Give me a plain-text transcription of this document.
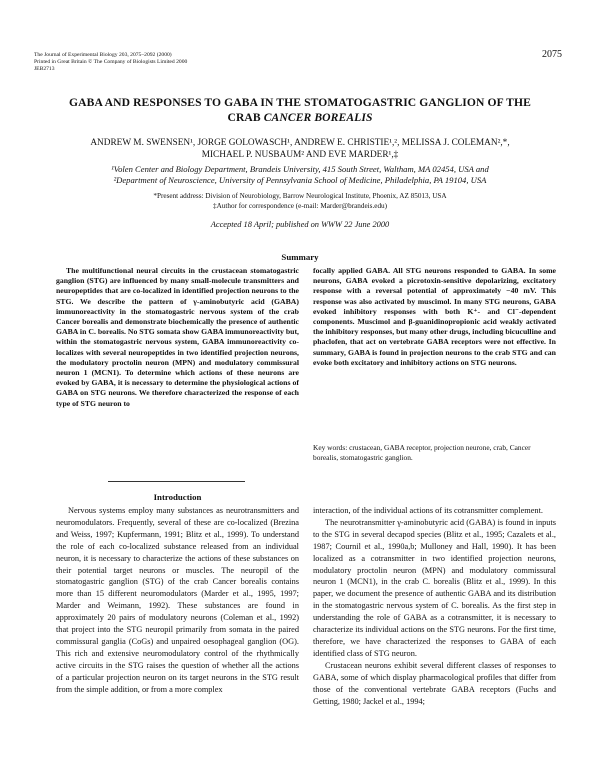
The Journal of Experimental Biology 203, 2075–2092 (2000)
Printed in Great Britain © The Company of Biologists Limited 2000
JEB2713
2075
GABA AND RESPONSES TO GABA IN THE STOMATOGASTRIC GANGLION OF THE
CRAB CANCER BOREALIS
ANDREW M. SWENSEN¹, JORGE GOLOWASCH¹, ANDREW E. CHRISTIE¹,², MELISSA J. COLEMAN²,*,
MICHAEL P. NUSBAUM² AND EVE MARDER¹,‡
¹Volen Center and Biology Department, Brandeis University, 415 South Street, Waltham, MA 02454, USA and
²Department of Neuroscience, University of Pennsylvania School of Medicine, Philadelphia, PA 19104, USA
*Present address: Division of Neurobiology, Barrow Neurological Institute, Phoenix, AZ 85013, USA
‡Author for correspondence (e-mail: Marder@brandeis.edu)
Accepted 18 April; published on WWW 22 June 2000
Summary
The multifunctional neural circuits in the crustacean stomatogastric ganglion (STG) are influenced by many small-molecule transmitters and neuropeptides that are co-localized in identified projection neurons to the STG. We describe the pattern of γ-aminobutyric acid (GABA) immunoreactivity in the stomatogastric nervous system of the crab Cancer borealis and demonstrate biochemically the presence of authentic GABA in C. borealis. No STG somata show GABA immunoreactivity but, within the stomatogastric nervous system, GABA immunoreactivity co-localizes with several neuropeptides in two identified projection neurons, the modulatory proctolin neuron (MPN) and modulatory commissural neuron 1 (MCN1). To determine which actions of these neurons are evoked by GABA, it is necessary to determine the physiological actions of GABA on STG neurons. We therefore characterized the response of each type of STG neuron to
focally applied GABA. All STG neurons responded to GABA. In some neurons, GABA evoked a picrotoxin-sensitive depolarizing, excitatory response with a reversal potential of approximately −40 mV. This response was also activated by muscimol. In many STG neurons, GABA evoked inhibitory responses with both K⁺- and Cl⁻-dependent components. Muscimol and β-guanidinopropionic acid weakly activated the inhibitory responses, but many other drugs, including bicuculline and phaclofen, that act on vertebrate GABA receptors were not effective. In summary, GABA is found in projection neurons to the crab STG and can evoke both excitatory and inhibitory actions on STG neurons.
Key words: crustacean, GABA receptor, projection neurone, crab, Cancer borealis, stomatogastric ganglion.
Introduction

Nervous systems employ many substances as neurotransmitters and neuromodulators. Frequently, several of these are co-localized (Brezina and Weiss, 1997; Kupfermann, 1991; Blitz et al., 1999). To understand the role of each co-localized substance released from an individual neuron, it is necessary to characterize the actions of these substances on their potential target neurons or muscles. The neuropil of the stomatogastric ganglion (STG) of the crab Cancer borealis contains more than 15 different neuromodulators (Marder et al., 1995, 1997; Marder and Weimann, 1992). These substances are found in approximately 20 pairs of modulatory neurons (Coleman et al., 1992) that project into the STG neuropil primarily from somata in the paired commissural ganglia (CoGs) and unpaired oesophageal ganglion (OG). This rich and extensive neuromodulatory control of the rhythmically active circuits in the STG raises the question of whether all the actions of a particular projection neuron on its target neurons in the STG result from the simple addition, or from a more complex

interaction, of the individual actions of its cotransmitter complement.

The neurotransmitter γ-aminobutyric acid (GABA) is found in inputs to the STG in several decapod species (Blitz et al., 1995; Cazalets et al., 1987; Cournil et al., 1990a,b; Mulloney and Hall, 1990). It has been localized as a cotransmitter in two identified projection neurons, modulatory proctolin neuron (MPN) and modulatory commissural neuron 1 (MCN1), in the crab C. borealis (Blitz et al., 1999). In this paper, we document the presence of authentic GABA and its distribution in the stomatogastric nervous system of C. borealis. As the first step in understanding the role of GABA as a cotransmitter, it is necessary to characterize its individual actions on the STG neurons. For the first time, therefore, we have characterized the responses to GABA of each identified class of STG neuron.

Crustacean neurons exhibit several different classes of responses to GABA, some of which display pharmacological profiles that differ from those of the conventional vertebrate GABA receptors (Fuchs and Getting, 1980; Jackel et al., 1994;
